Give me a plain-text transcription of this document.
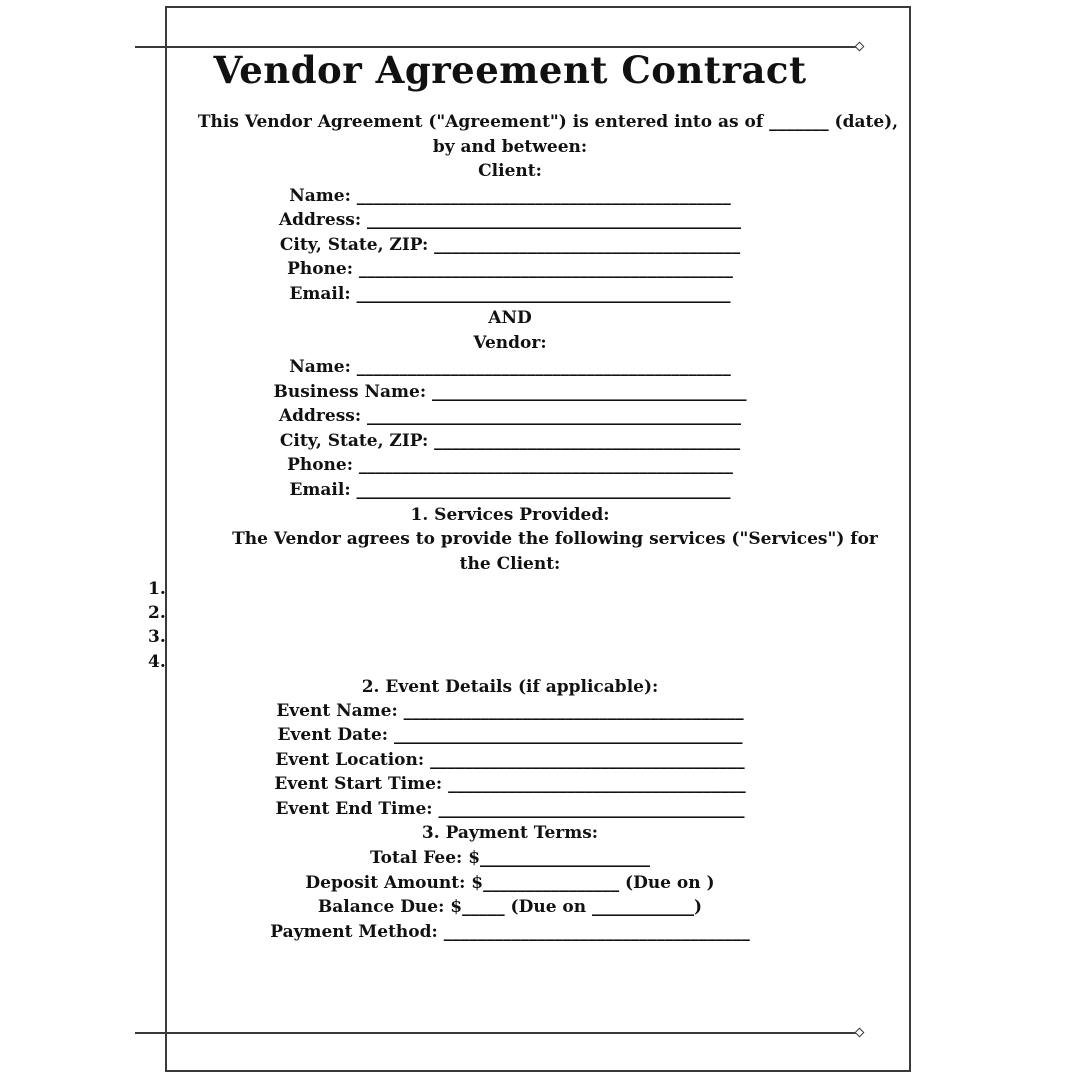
Vendor Agreement Contract
This Vendor Agreement ("Agreement") is entered into as of _______ (date),
by and between:
Client:
Name: ____________________________________________
Address: ____________________________________________
City, State, ZIP: ____________________________________
Phone: ____________________________________________
Email: ____________________________________________
AND
Vendor:
Name: ____________________________________________
Business Name: _____________________________________
Address: ____________________________________________
City, State, ZIP: ____________________________________
Phone: ____________________________________________
Email: ____________________________________________
1. Services Provided:
The Vendor agrees to provide the following services ("Services") for
the Client:
1.
2.
3.
4.
2. Event Details (if applicable):
Event Name: ________________________________________
Event Date: _________________________________________
Event Location: _____________________________________
Event Start Time: ___________________________________
Event End Time: ____________________________________
3. Payment Terms:
Total Fee: $____________________
Deposit Amount: $________________ (Due on )
Balance Due: $_____ (Due on ____________)
Payment Method: ____________________________________
